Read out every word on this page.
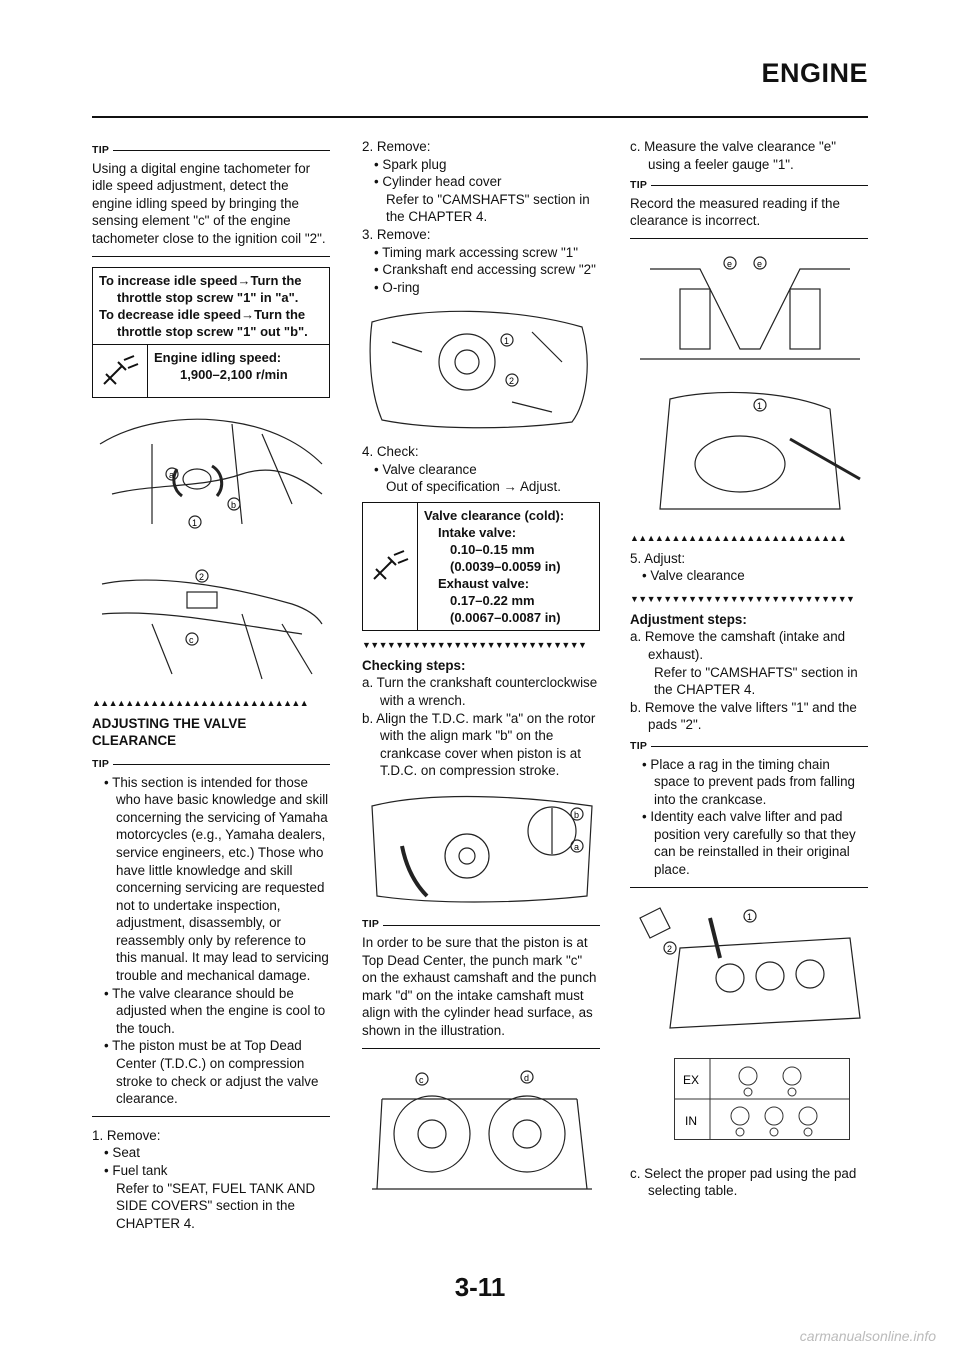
ENGINE
TIP

Using a digital engine tachometer for idle speed adjustment, detect the engine idling speed by bringing the sensing element "c" of the engine tachometer close to the ignition coil "2".

To increase idle speed→Turn the throttle stop screw "1" in "a".

To decrease idle speed→Turn the throttle stop screw "1" out "b".

Engine idling speed:

1,900–2,100 r/min

a
b
1
2
c
▲▲▲▲▲▲▲▲▲▲▲▲▲▲▲▲▲▲▲▲▲▲▲▲▲▲

ADJUSTING THE VALVE CLEARANCE

TIP

• This section is intended for those who have basic knowledge and skill concerning the servicing of Yamaha motorcycles (e.g., Yamaha dealers, service engineers, etc.) Those who have little knowledge and skill concerning servicing are requested not to undertake inspection, adjustment, disassembly, or reassembly only by reference to this manual. It may lead to servicing trouble and mechanical damage.

• The valve clearance should be adjusted when the engine is cool to the touch.

• The piston must be at Top Dead Center (T.D.C.) on compression stroke to check or adjust the valve clearance.

1. Remove:

• Seat

• Fuel tank

Refer to "SEAT, FUEL TANK AND SIDE COVERS" section in the CHAPTER 4.

2. Remove:

• Spark plug

• Cylinder head cover

Refer to "CAMSHAFTS" section in the CHAPTER 4.

3. Remove:

• Timing mark accessing screw "1"

• Crankshaft end accessing screw "2"

• O-ring

1
2

4. Check:

• Valve clearance

Out of specification → Adjust.

Valve clearance (cold):

Intake valve:

0.10–0.15 mm

(0.0039–0.0059 in)

Exhaust valve:

0.17–0.22 mm

(0.0067–0.0087 in)

▼▼▼▼▼▼▼▼▼▼▼▼▼▼▼▼▼▼▼▼▼▼▼▼▼▼▼

Checking steps:

a. Turn the crankshaft counterclockwise with a wrench.

b. Align the T.D.C. mark "a" on the rotor with the align mark "b" on the crankcase cover when piston is at T.D.C. on compression stroke.

b
a
TIP

In order to be sure that the piston is at Top Dead Center, the punch mark "c" on the exhaust camshaft and the punch mark "d" on the intake camshaft must align with the cylinder head surface, as shown in the illustration.

c	d

c. Measure the valve clearance "e" using a feeler gauge "1".

TIP

Record the measured reading if the clearance is incorrect.

e	e
1
▲▲▲▲▲▲▲▲▲▲▲▲▲▲▲▲▲▲▲▲▲▲▲▲▲▲

5. Adjust:

• Valve clearance

▼▼▼▼▼▼▼▼▼▼▼▼▼▼▼▼▼▼▼▼▼▼▼▼▼▼▼

Adjustment steps:

a. Remove the camshaft (intake and exhaust).

Refer to "CAMSHAFTS" section in the CHAPTER 4.

b. Remove the valve lifters "1" and the pads "2".

TIP

• Place a rag in the timing chain space to prevent pads from falling into the crankcase.

• Identity each valve lifter and pad position very carefully so that they can be reinstalled in their original place.

1
2
EX
IN

c. Select the proper pad using the pad selecting table.

3-11
carmanualsonline.info
